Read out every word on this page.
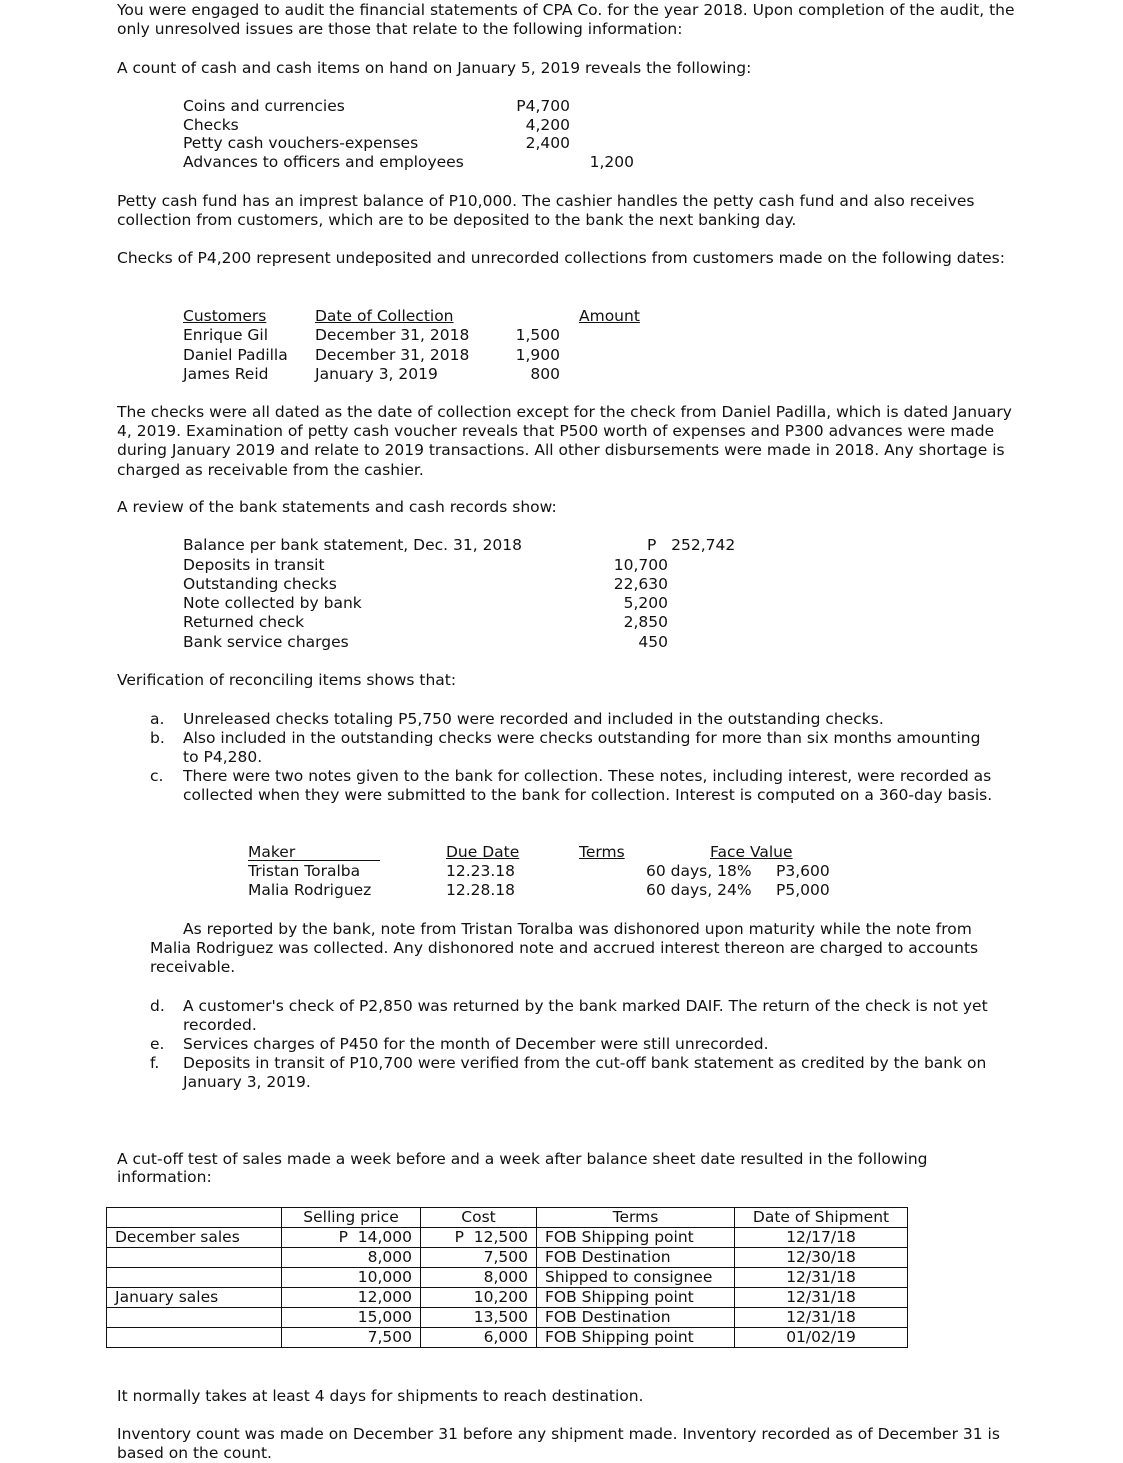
You were engaged to audit the financial statements of CPA Co. for the year 2018. Upon completion of the audit, the only unresolved issues are those that relate to the following information:
A count of cash and cash items on hand on January 5, 2019 reveals the following:
Coins and currencies	P4,700
Checks	4,200
Petty cash vouchers-expenses	2,400
Advances to officers and employees	1,200
Petty cash fund has an imprest balance of P10,000. The cashier handles the petty cash fund and also receives collection from customers, which are to be deposited to the bank the next banking day.
Checks of P4,200 represent undeposited and unrecorded collections from customers made on the following dates:
Customers	Date of Collection	Amount
Enrique Gil	December 31, 2018	1,500
Daniel Padilla December 31, 2018	1,900
James Reid	January 3, 2019	800
The checks were all dated as the date of collection except for the check from Daniel Padilla, which is dated January 4, 2019. Examination of petty cash voucher reveals that P500 worth of expenses and P300 advances were made during January 2019 and relate to 2019 transactions. All other disbursements were made in 2018. Any shortage is charged as receivable from the cashier.
A review of the bank statements and cash records show:
Balance per bank statement, Dec. 31, 2018	P   252,742
Deposits in transit	10,700
Outstanding checks	22,630
Note collected by bank	5,200
Returned check	2,850
Bank service charges	450
Verification of reconciling items shows that:
a. Unreleased checks totaling P5,750 were recorded and included in the outstanding checks.
b. Also included in the outstanding checks were checks outstanding for more than six months amounting to P4,280.
c. There were two notes given to the bank for collection. These notes, including interest, were recorded as collected when they were submitted to the bank for collection. Interest is computed on a 360-day basis.
Maker	Due Date	Terms	Face Value
Tristan Toralba	12.23.18	60 days, 18% P3,600
Malia Rodriguez	12.28.18	60 days, 24% P5,000
As reported by the bank, note from Tristan Toralba was dishonored upon maturity while the note from Malia Rodriguez was collected. Any dishonored note and accrued interest thereon are charged to accounts receivable.
d. A customer's check of P2,850 was returned by the bank marked DAIF. The return of the check is not yet recorded.
e. Services charges of P450 for the month of December were still unrecorded.
f. Deposits in transit of P10,700 were verified from the cut-off bank statement as credited by the bank on January 3, 2019.
A cut-off test of sales made a week before and a week after balance sheet date resulted in the following information:
	Selling price	Cost	Terms	Date of Shipment
December sales	P  14,000	P  12,500	FOB Shipping point	12/17/18
	8,000	7,500	FOB Destination	12/30/18
	10,000	8,000	Shipped to consignee	12/31/18
January sales	12,000	10,200	FOB Shipping point	12/31/18
	15,000	13,500	FOB Destination	12/31/18
	7,500	6,000	FOB Shipping point	01/02/19
It normally takes at least 4 days for shipments to reach destination.
Inventory count was made on December 31 before any shipment made. Inventory recorded as of December 31 is based on the count.
